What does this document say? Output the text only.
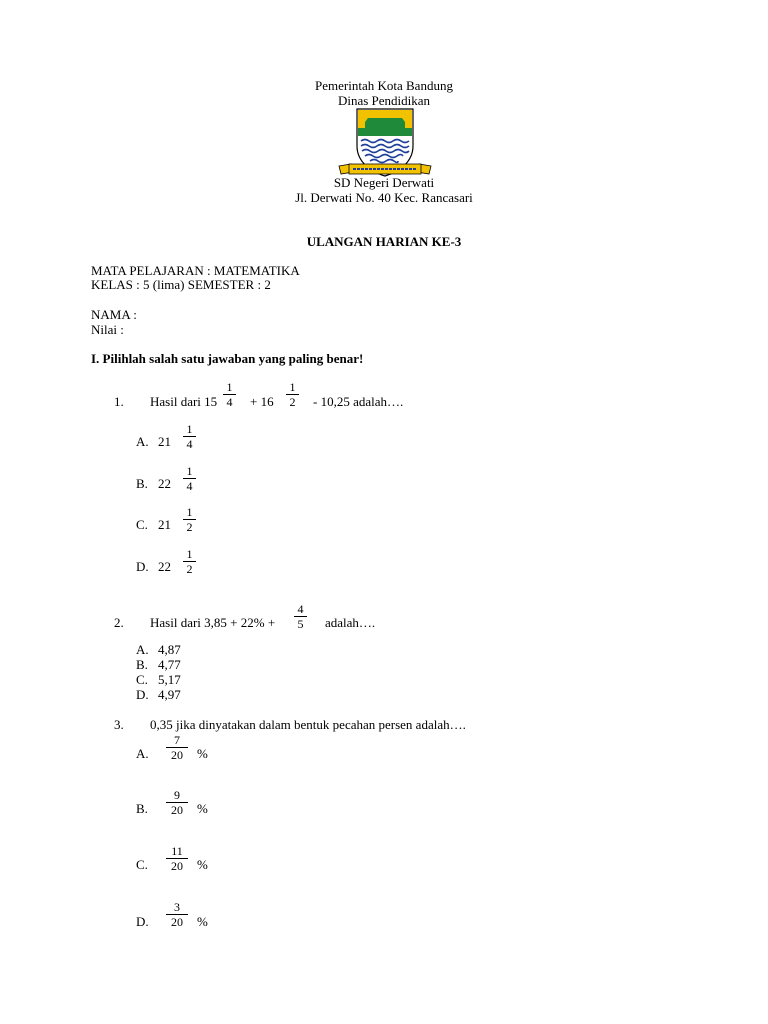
Pemerintah Kota Bandung
Dinas Pendidikan
SD Negeri Derwati
Jl. Derwati No. 40 Kec. Rancasari
ULANGAN HARIAN KE-3
MATA PELAJARAN : MATEMATIKA
KELAS : 5 (lima) SEMESTER : 2
NAMA :
Nilai :
I. Pilihlah salah satu jawaban yang paling benar!
1. Hasil dari $15 \frac{1}{4} + 16 \frac{1}{2} - 10,25$ adalah….
A. $21 \frac{1}{4}$
B. $22 \frac{1}{4}$
C. $21 \frac{1}{2}$
D. $22 \frac{1}{2}$
2. Hasil dari $3,85 + 22\% + \frac{4}{5}$ adalah….
A. 4,87
B. 4,77
C. 5,17
D. 4,97
3. 0,35 jika dinyatakan dalam bentuk pecahan persen adalah….
A. $\frac{7}{20}$ %
B. $\frac{9}{20}$ %
C. $\frac{11}{20}$ %
D. $\frac{3}{20}$ %
